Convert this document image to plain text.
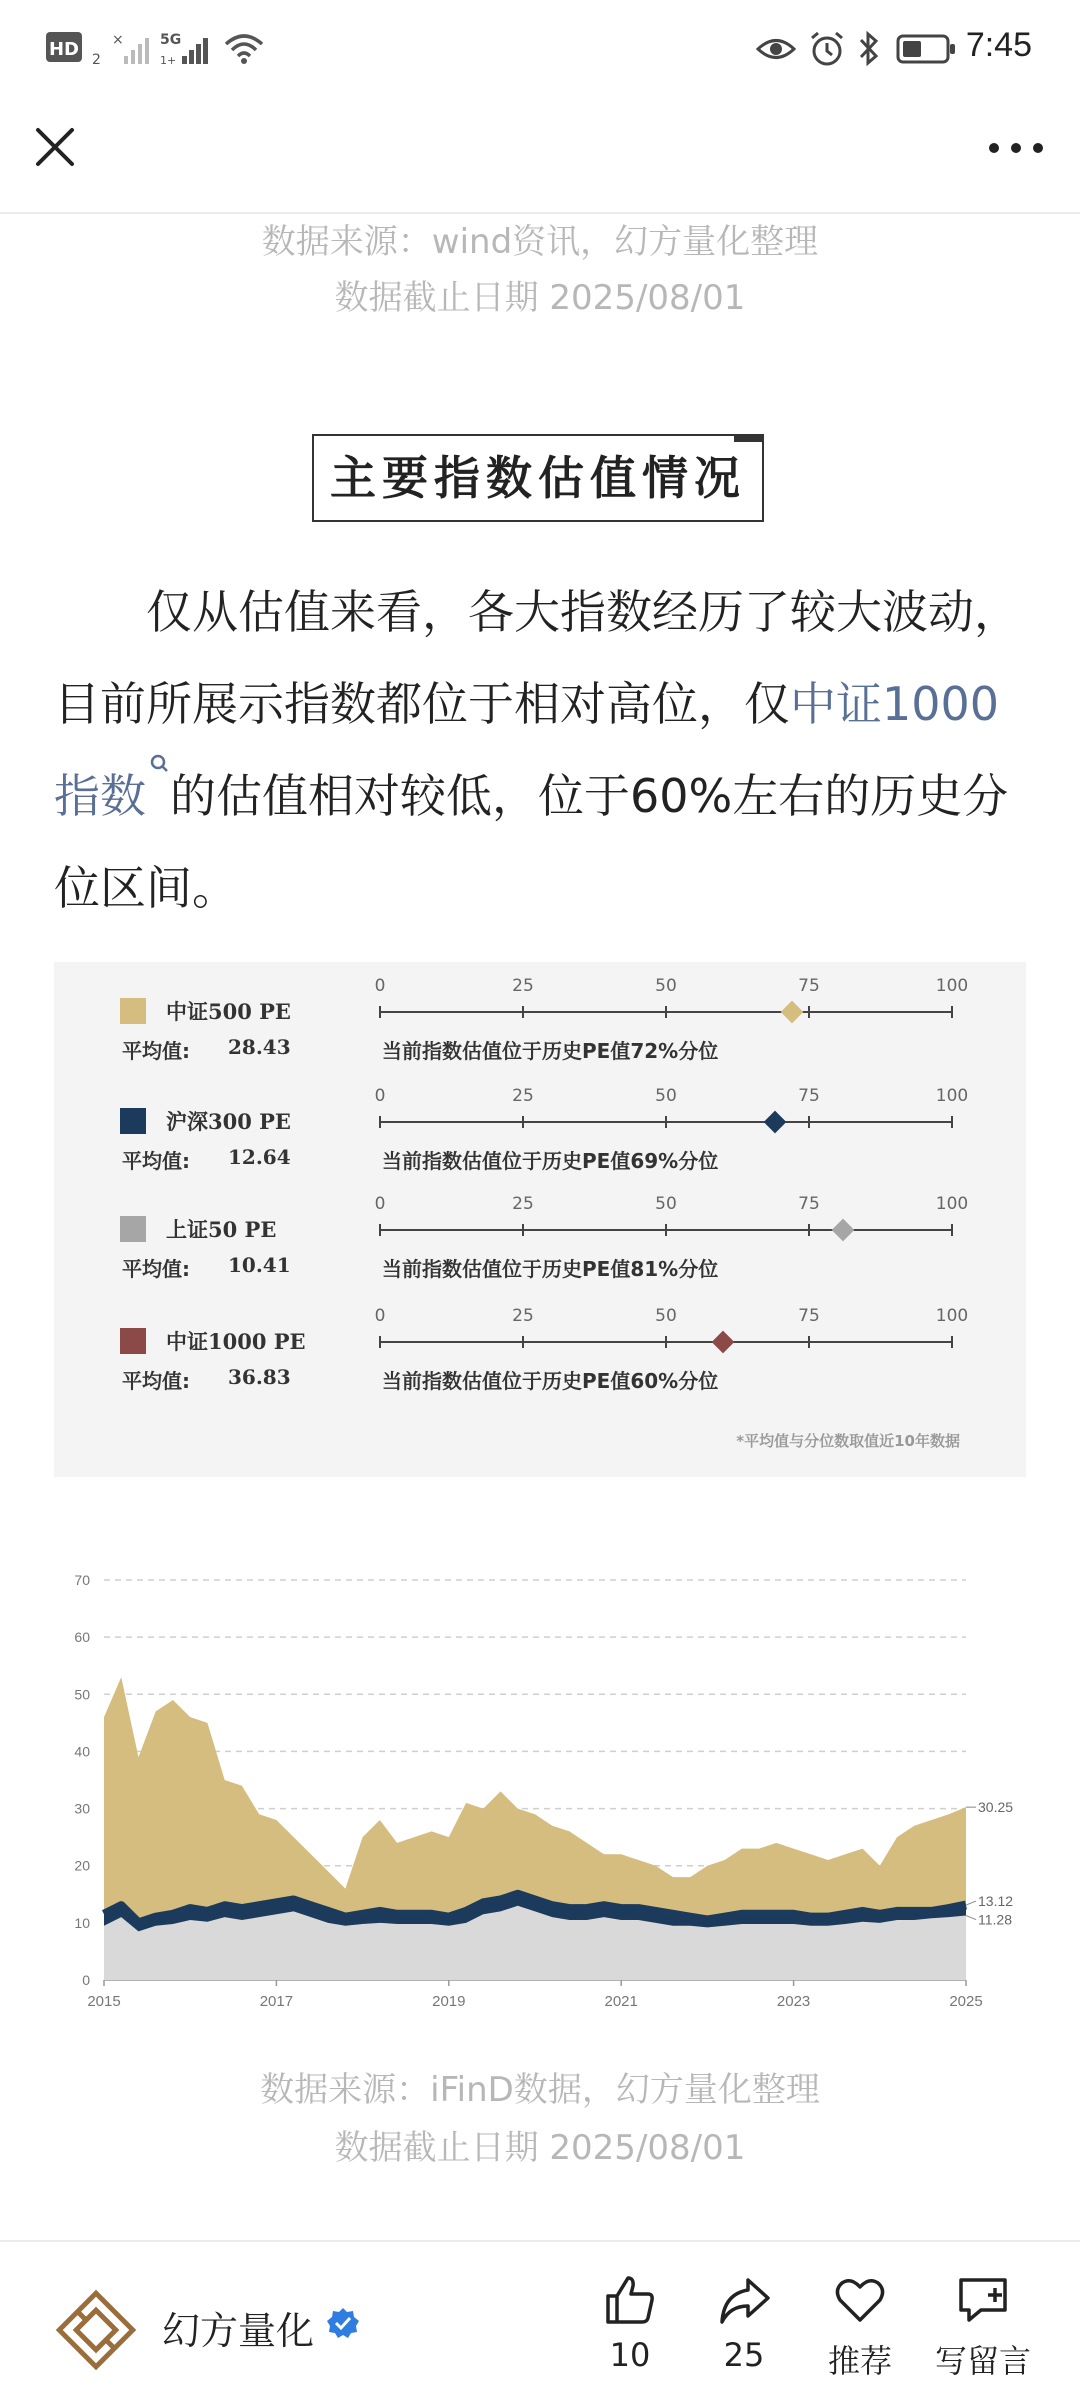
HD 2
×	5G
1+	7:45
数据来源：wind资讯，幻方量化整理
数据截止日期 2025/08/01
主要指数估值情况
仅从估值来看，各大指数经历了较大波动，目前所展示指数都位于相对高位，仅中证1000指数 的估值相对较低，位于60%左右的历史分位区间。
中证500 PE
平均值: 28.43
0	25	50	75	100
当前指数估值位于历史PE值72%分位
沪深300 PE
平均值: 12.64
0	25	50	75	100
当前指数估值位于历史PE值69%分位
上证50 PE
平均值: 10.41
0	25	50	75	100
当前指数估值位于历史PE值81%分位
中证1000 PE
平均值: 36.83
0	25	50	75	100
当前指数估值位于历史PE值60%分位
*平均值与分位数取值近10年数据
0
10
20
30
40
50
60
70
2015	2017	2019	2021	2023	2025
30.25
13.12
11.28
数据来源：iFinD数据，幻方量化整理
数据截止日期 2025/08/01
幻方量化
10	25	推荐	写留言
